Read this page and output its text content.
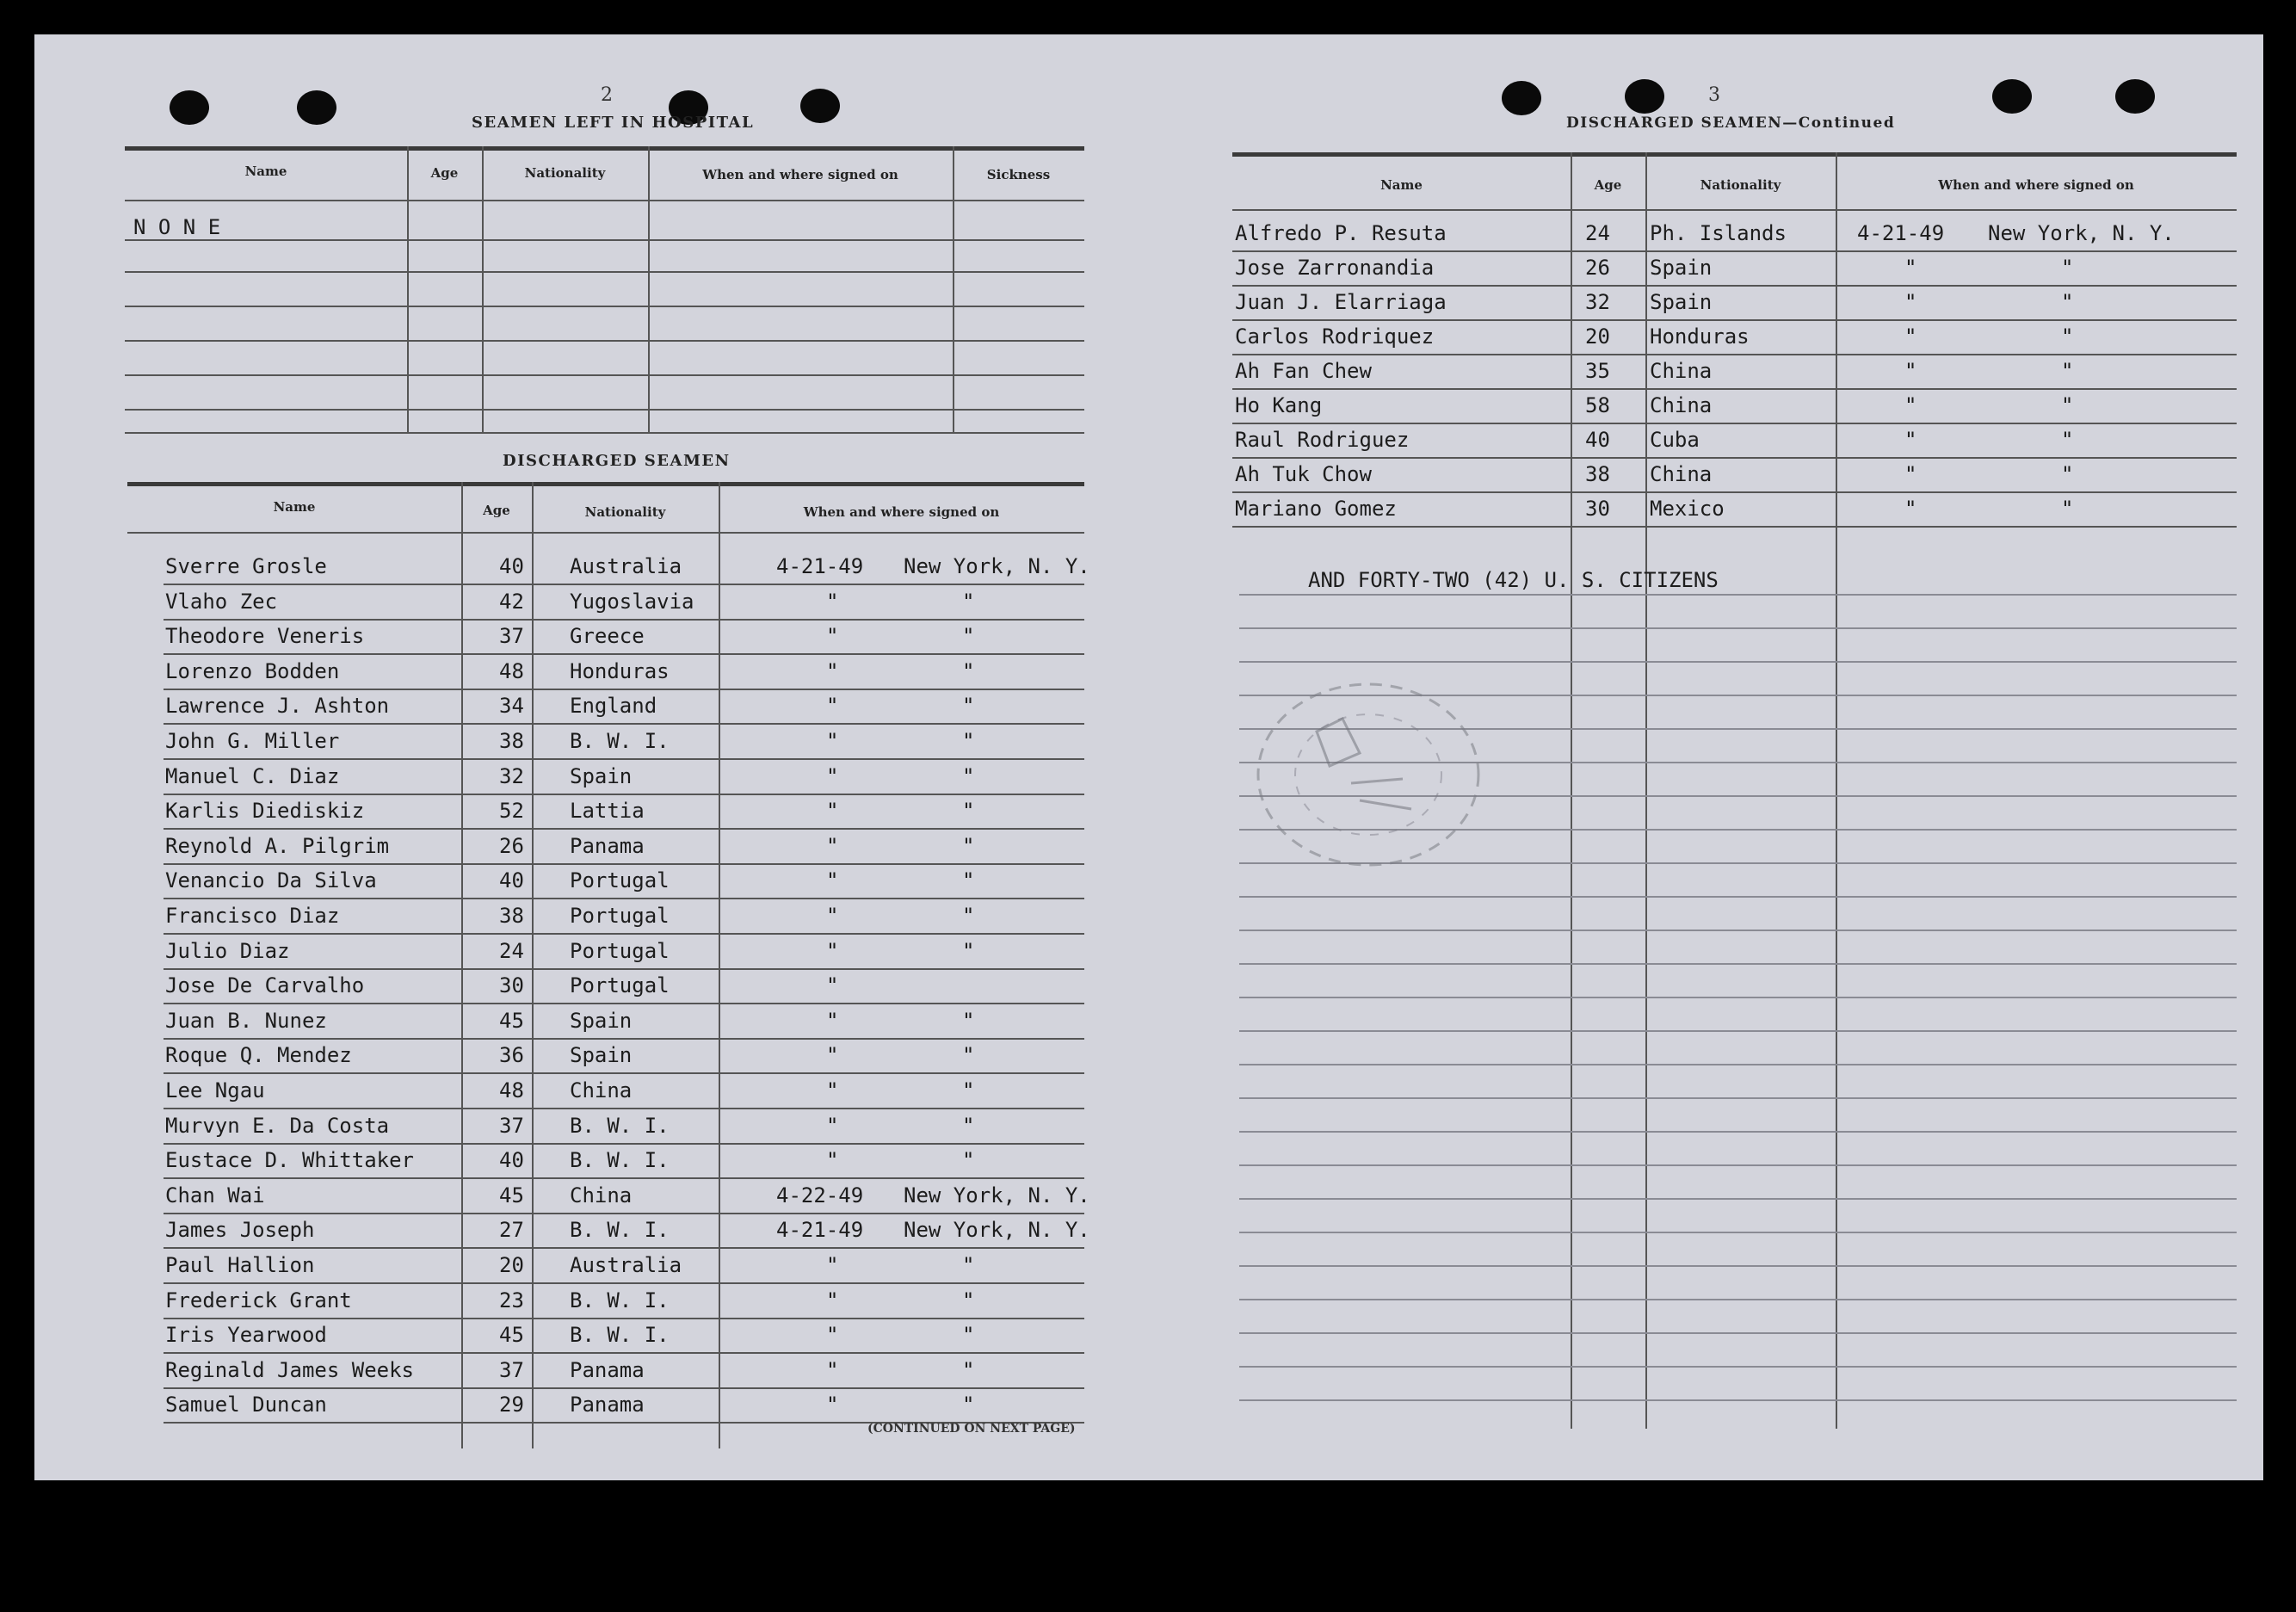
2
SEAMEN LEFT IN HOSPITAL
Name	Age	Nationality	When and where signed on	Sickness
N O N E
DISCHARGED SEAMEN
Name	Age	Nationality	When and where signed on
Sverre Grosle	40 Australia	4-21-49 New York, N. Y.
Vlaho Zec	42 Yugoslavia	"	"
Theodore Veneris	37 Greece	"	"
Lorenzo Bodden	48 Honduras	"	"
Lawrence J. Ashton	34 England	"	"
John G. Miller	38 B. W. I.	"	"
Manuel C. Diaz	32 Spain	"	"
Karlis Diediskiz	52 Lattia	"	"
Reynold A. Pilgrim	26 Panama	"	"
Venancio Da Silva	40 Portugal	"	"
Francisco Diaz	38 Portugal	"	"
Julio Diaz	24 Portugal	"	"
Jose De Carvalho	30 Portugal	"
Juan B. Nunez	45 Spain	"	"
Roque Q. Mendez	36 Spain	"	"
Lee Ngau	48 China	"	"
Murvyn E. Da Costa	37 B. W. I.	"	"
Eustace D. Whittaker	40 B. W. I.	"	"
Chan Wai	45 China	4-22-49 New York, N. Y.
James Joseph	27 B. W. I.	4-21-49 New York, N. Y.
Paul Hallion	20 Australia	"	"
Frederick Grant	23 B. W. I.	"	"
Iris Yearwood	45 B. W. I.	"	"
Reginald James Weeks	37 Panama	"	"
Samuel Duncan	29 Panama	"	"
(CONTINUED ON NEXT PAGE)
3
DISCHARGED SEAMEN—Continued
Name	Age	Nationality	When and where signed on
Alfredo P. Resuta	24 Ph. Islands	4-21-49 New York, N. Y.
Jose Zarronandia	26 Spain	"	"
Juan J. Elarriaga	32 Spain	"	"
Carlos Rodriquez	20 Honduras	"	"
Ah Fan Chew	35 China	"	"
Ho Kang	58 China	"	"
Raul Rodriguez	40 Cuba	"	"
Ah Tuk Chow	38 China	"	"
Mariano Gomez	30 Mexico	"	"
AND FORTY-TWO (42) U. S. CITIZENS
